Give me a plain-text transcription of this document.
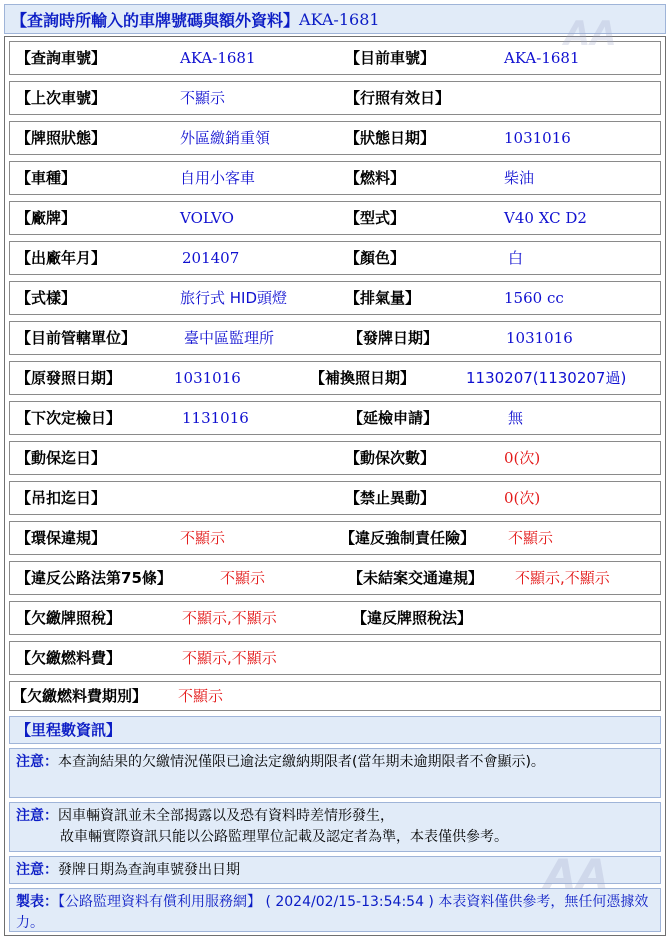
【查詢時所輸入的車牌號碼與額外資料】 AKA-1681
【查詢車號】	AKA-1681	【目前車號】	AKA-1681
【上次車號】	不顯示	【行照有效日】
【牌照狀態】	外區繳銷重領	【狀態日期】	1031016
【車種】	自用小客車	【燃料】	柴油
【廠牌】	VOLVO	【型式】	V40 XC D2
【出廠年月】	201407	【顏色】	白
【式樣】	旅行式 HID頭燈	【排氣量】	1560 cc
【目前管轄單位】	臺中區監理所	【發牌日期】	1031016
【原發照日期】	1031016	【補換照日期】	1130207(1130207過)
【下次定檢日】	1131016	【延檢申請】	無
【動保迄日】	【動保次數】	0(次)
【吊扣迄日】	【禁止異動】	0(次)
【環保違規】	不顯示	【違反強制責任險】 不顯示
【違反公路法第75條】	不顯示	【未結案交通違規】 不顯示,不顯示
【欠繳牌照稅】	不顯示,不顯示	【違反牌照稅法】
【欠繳燃料費】	不顯示,不顯示
【欠繳燃料費期別】 不顯示
【里程數資訊】
注意：本查詢結果的欠繳情況僅限已逾法定繳納期限者(當年期未逾期限者不會顯示)。
注意：因車輛資訊並未全部揭露以及恐有資料時差情形發生，
故車輛實際資訊只能以公路監理單位記載及認定者為準，本表僅供參考。
注意：發牌日期為查詢車號發出日期
製表：【公路監理資料有償利用服務網】 ( 2024/02/15-13:54:54 ) 本表資料僅供參考，無任何憑據效力。
AA
AA
